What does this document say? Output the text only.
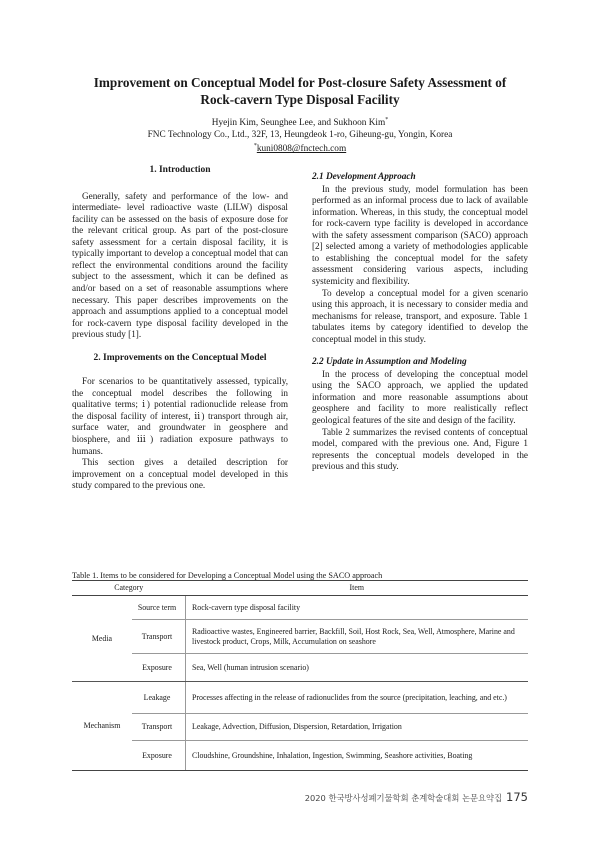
Improvement on Conceptual Model for Post-closure Safety Assessment of
Rock-cavern Type Disposal Facility
Hyejin Kim, Seunghee Lee, and Sukhoon Kim*
FNC Technology Co., Ltd., 32F, 13, Heungdeok 1-ro, Giheung-gu, Yongin, Korea
*kuni0808@fnctech.com
1. Introduction

Generally, safety and performance of the low- and intermediate- level radioactive waste (LILW) disposal facility can be assessed on the basis of exposure dose for the relevant critical group. As part of the post-closure safety assessment for a certain disposal facility, it is typically important to develop a conceptual model that can reflect the environmental conditions around the facility subject to the assessment, which it can be defined as and/or based on a set of reasonable assumptions where necessary. This paper describes improvements on the approach and assumptions applied to a conceptual model for rock-cavern type disposal facility developed in the previous study [1].

2. Improvements on the Conceptual Model

For scenarios to be quantitatively assessed, typically, the conceptual model describes the following in qualitative terms; ⅰ) potential radionuclide release from the disposal facility of interest, ⅱ) transport through air, surface water, and groundwater in geosphere and biosphere, and ⅲ) radiation exposure pathways to humans.

This section gives a detailed description for improvement on a conceptual model developed in this study compared to the previous one.

2.1 Development Approach

In the previous study, model formulation has been performed as an informal process due to lack of available information. Whereas, in this study, the conceptual model for rock-cavern type facility is developed in accordance with the safety assessment comparison (SACO) approach [2] selected among a variety of methodologies applicable to establishing the conceptual model for the safety assessment considering various aspects, including systemicity and flexibility.

To develop a conceptual model for a given scenario using this approach, it is necessary to consider media and mechanisms for release, transport, and exposure. Table 1 tabulates items by category identified to develop the conceptual model in this study.

2.2 Update in Assumption and Modeling

In the process of developing the conceptual model using the SACO approach, we applied the updated information and more reasonable assumptions about geosphere and facility to more realistically reflect geological features of the site and design of the facility.

Table 2 summarizes the revised contents of conceptual model, compared with the previous one. And, Figure 1 represents the conceptual models developed in the previous and this study.

Table 1. Items to be considered for Developing a Conceptual Model using the SACO approach
Category		Item
Media	Source term	Rock-cavern type disposal facility
	Transport	Radioactive wastes, Engineered barrier, Backfill, Soil, Host Rock, Sea, Well, Atmosphere, Marine and livestock product, Crops, Milk, Accumulation on seashore
	Exposure	Sea, Well (human intrusion scenario)
Mechanism	Leakage	Processes affecting in the release of radionuclides from the source (precipitation, leaching, and etc.)
	Transport	Leakage, Advection, Diffusion, Dispersion, Retardation, Irrigation
	Exposure	Cloudshine, Groundshine, Inhalation, Ingestion, Swimming, Seashore activities, Boating
2020 한국방사성폐기물학회 춘계학술대회 논문요약집 175
